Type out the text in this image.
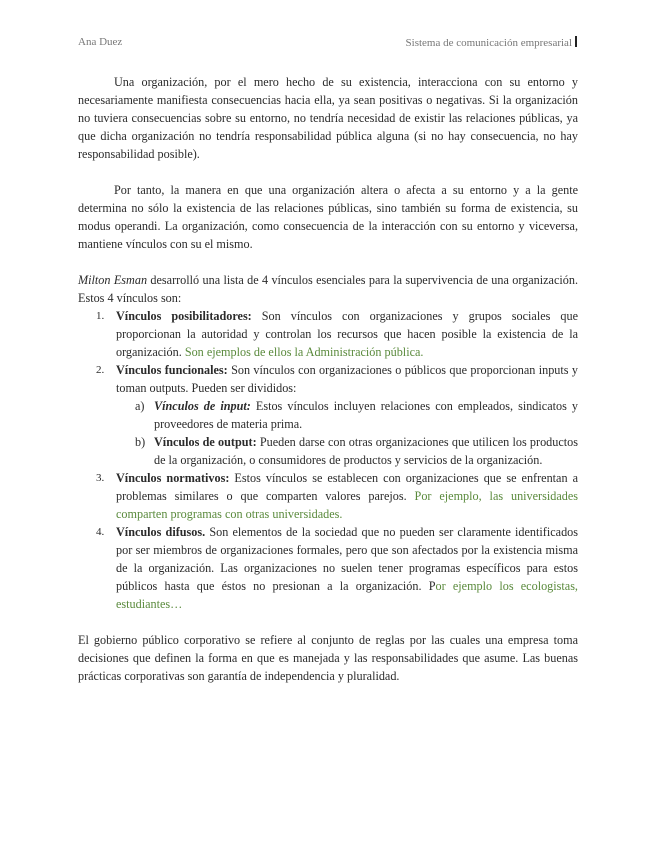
Ana Duez	Sistema de comunicación empresarial

Una organización, por el mero hecho de su existencia, interacciona con su entorno y necesariamente manifiesta consecuencias hacia ella, ya sean positivas o negativas. Si la organización no tuviera consecuencias sobre su entorno, no tendría necesidad de existir las relaciones públicas, ya que dicha organización no tendría responsabilidad pública alguna (si no hay consecuencia, no hay responsabilidad posible).

Por tanto, la manera en que una organización altera o afecta a su entorno y a la gente determina no sólo la existencia de las relaciones públicas, sino también su forma de existencia, su modus operandi. La organización, como consecuencia de la interacción con su entorno y viceversa, mantiene vínculos con su el mismo.

Milton Esman desarrolló una lista de 4 vínculos esenciales para la supervivencia de una organización. Estos 4 vínculos son:

1. Vínculos posibilitadores: Son vínculos con organizaciones y grupos sociales que proporcionan la autoridad y controlan los recursos que hacen posible la existencia de la organización. Son ejemplos de ellos la Administración pública.
2. Vínculos funcionales: Son vínculos con organizaciones o públicos que proporcionan inputs y toman outputs. Pueden ser divididos:
a) Vínculos de input: Estos vínculos incluyen relaciones con empleados, sindicatos y proveedores de materia prima.
b) Vínculos de output: Pueden darse con otras organizaciones que utilicen los productos de la organización, o consumidores de productos y servicios de la organización.
3. Vínculos normativos: Estos vínculos se establecen con organizaciones que se enfrentan a problemas similares o que comparten valores parejos. Por ejemplo, las universidades comparten programas con otras universidades.
4. Vínculos difusos. Son elementos de la sociedad que no pueden ser claramente identificados por ser miembros de organizaciones formales, pero que son afectados por la existencia misma de la organización. Las organizaciones no suelen tener programas específicos para estos públicos hasta que éstos no presionan a la organización. Por ejemplo los ecologistas, estudiantes…

El gobierno público corporativo se refiere al conjunto de reglas por las cuales una empresa toma decisiones que definen la forma en que es manejada y las responsabilidades que asume. Las buenas prácticas corporativas son garantía de independencia y pluralidad.
